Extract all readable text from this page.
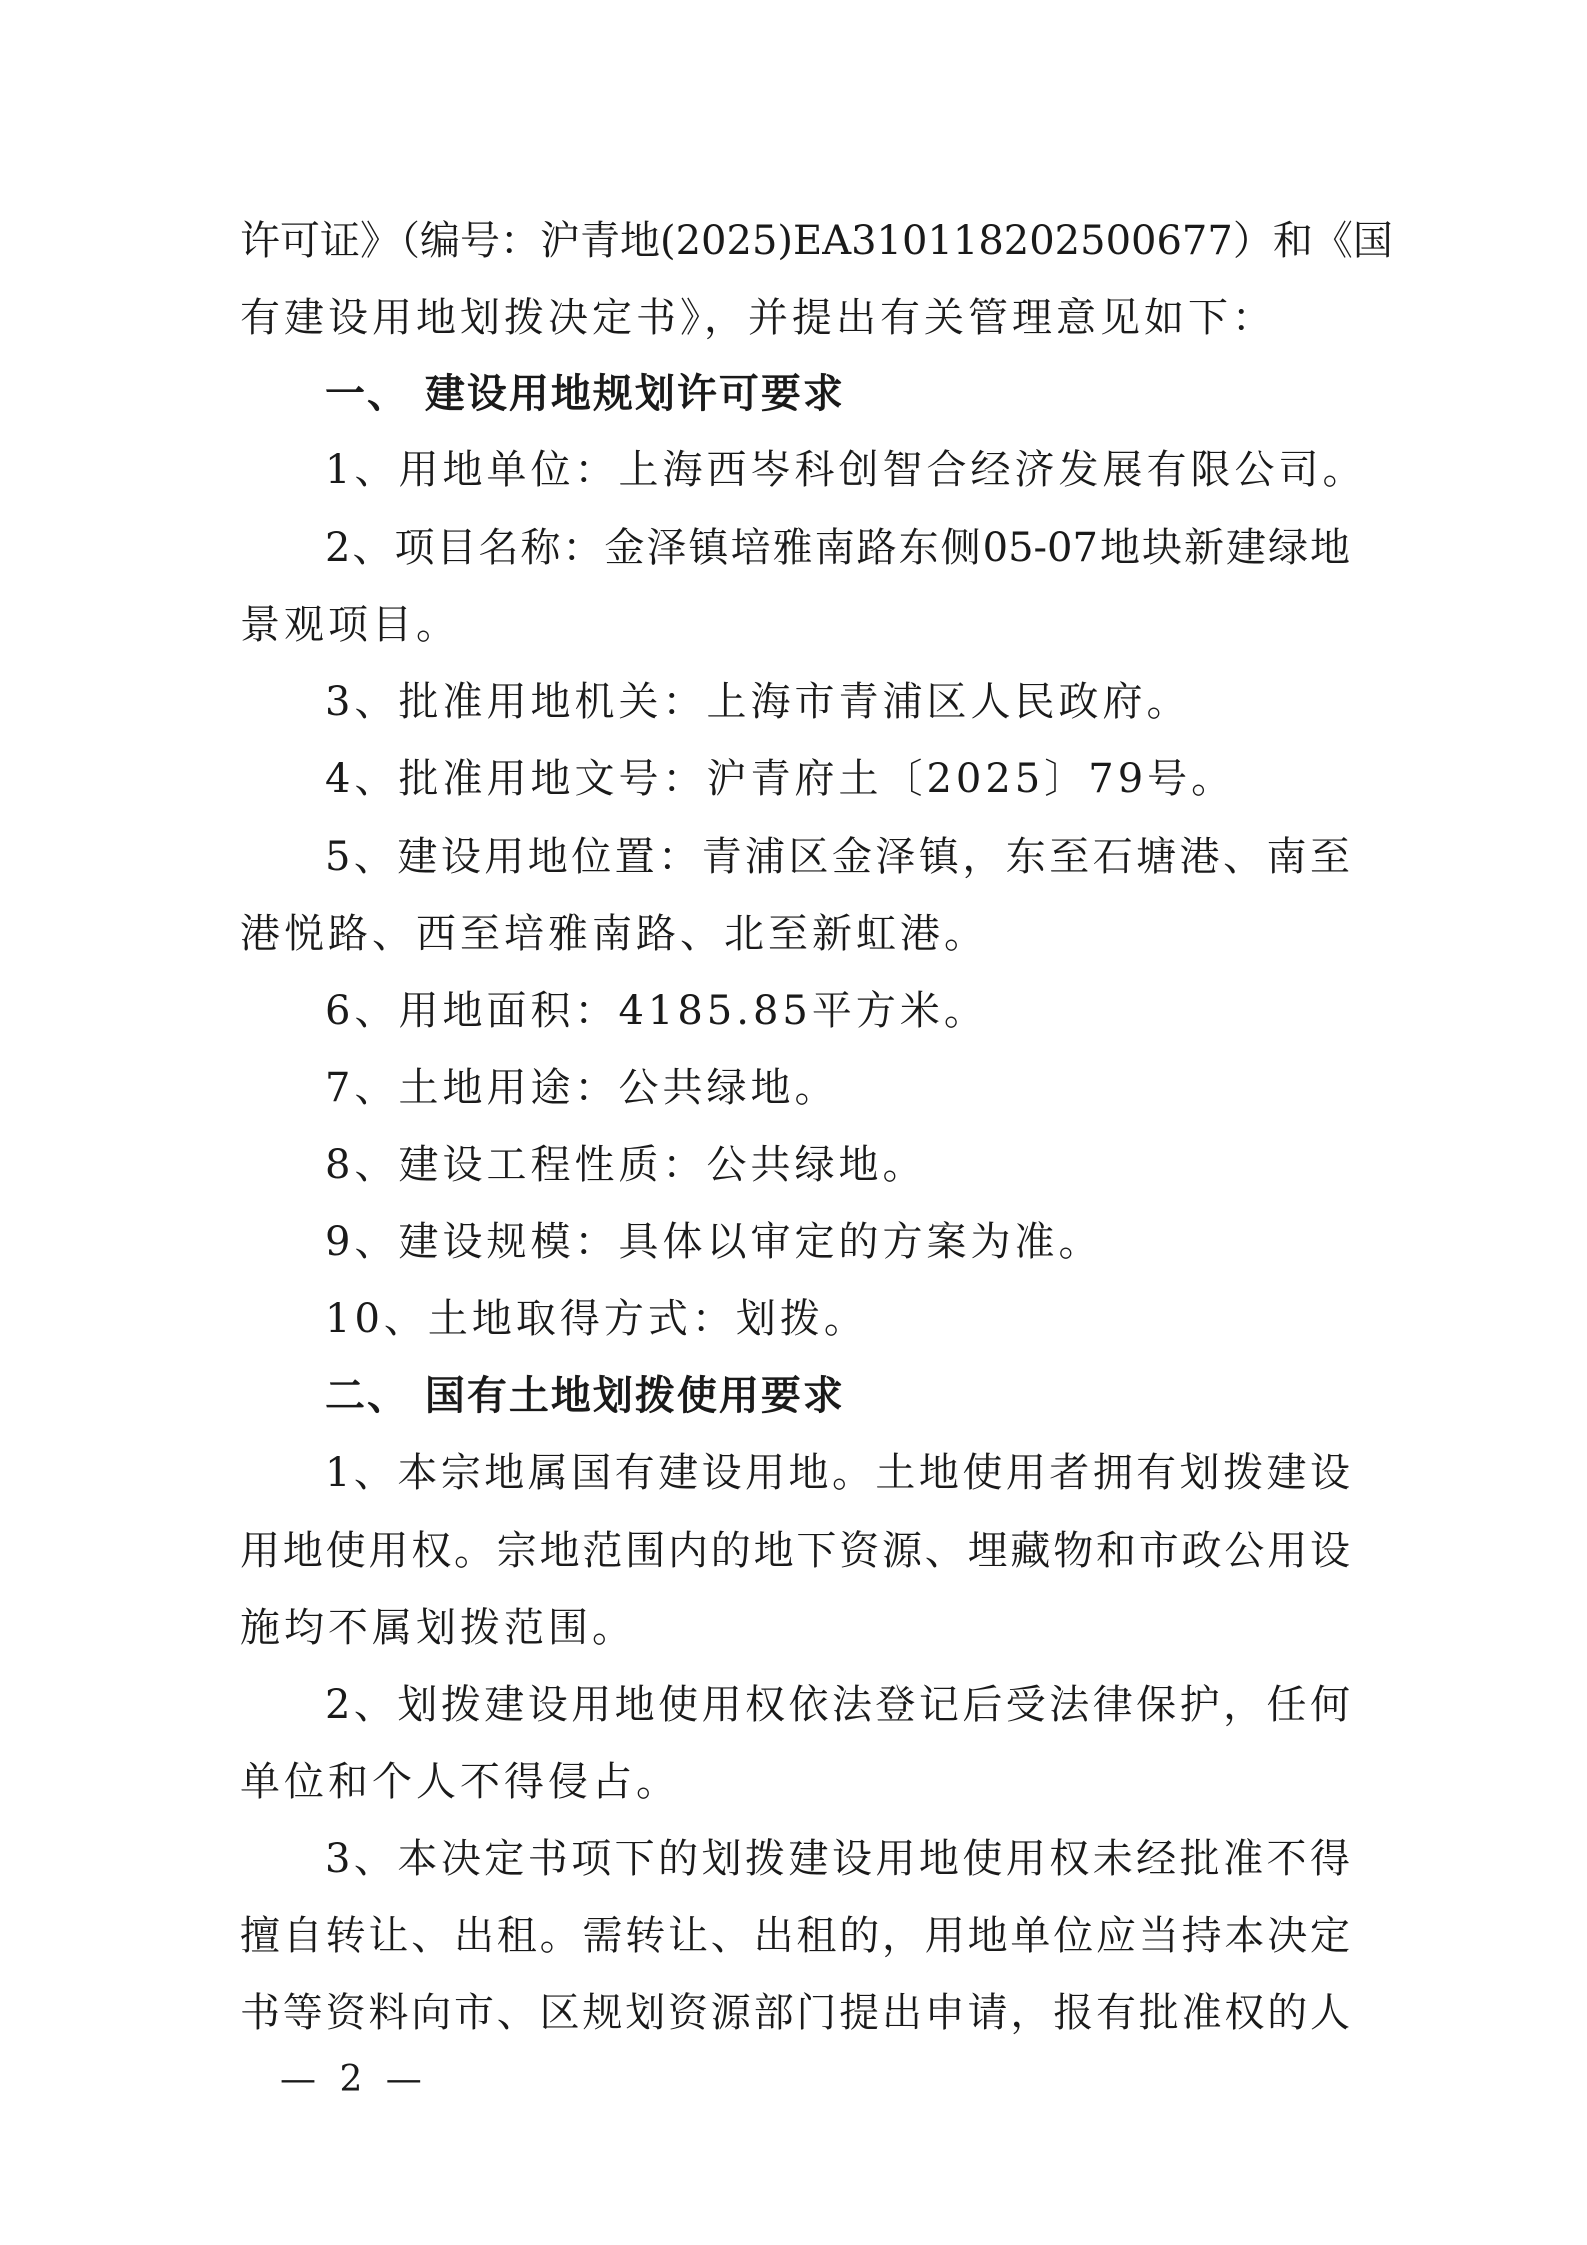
许可证》（编号：沪青地(2025)EA310118202500677）和《国
有建设用地划拨决定书》，并提出有关管理意见如下：
一、 建设用地规划许可要求
1、用地单位：上海西岑科创智合经济发展有限公司。
2、项目名称：金泽镇培雅南路东侧05-07地块新建绿地
景观项目。
3、批准用地机关：上海市青浦区人民政府。
4、批准用地文号：沪青府土〔2025〕79号。
5、建设用地位置：青浦区金泽镇，东至石塘港、南至
港悦路、西至培雅南路、北至新虹港。
6、用地面积：4185.85平方米。
7、土地用途：公共绿地。
8、建设工程性质：公共绿地。
9、建设规模：具体以审定的方案为准。
10、土地取得方式：划拨。
二、 国有土地划拨使用要求
1、本宗地属国有建设用地。土地使用者拥有划拨建设
用地使用权。宗地范围内的地下资源、埋藏物和市政公用设
施均不属划拨范围。
2、划拨建设用地使用权依法登记后受法律保护，任何
单位和个人不得侵占。
3、本决定书项下的划拨建设用地使用权未经批准不得
擅自转让、出租。需转让、出租的，用地单位应当持本决定
书等资料向市、区规划资源部门提出申请，报有批准权的人
— 2 —
